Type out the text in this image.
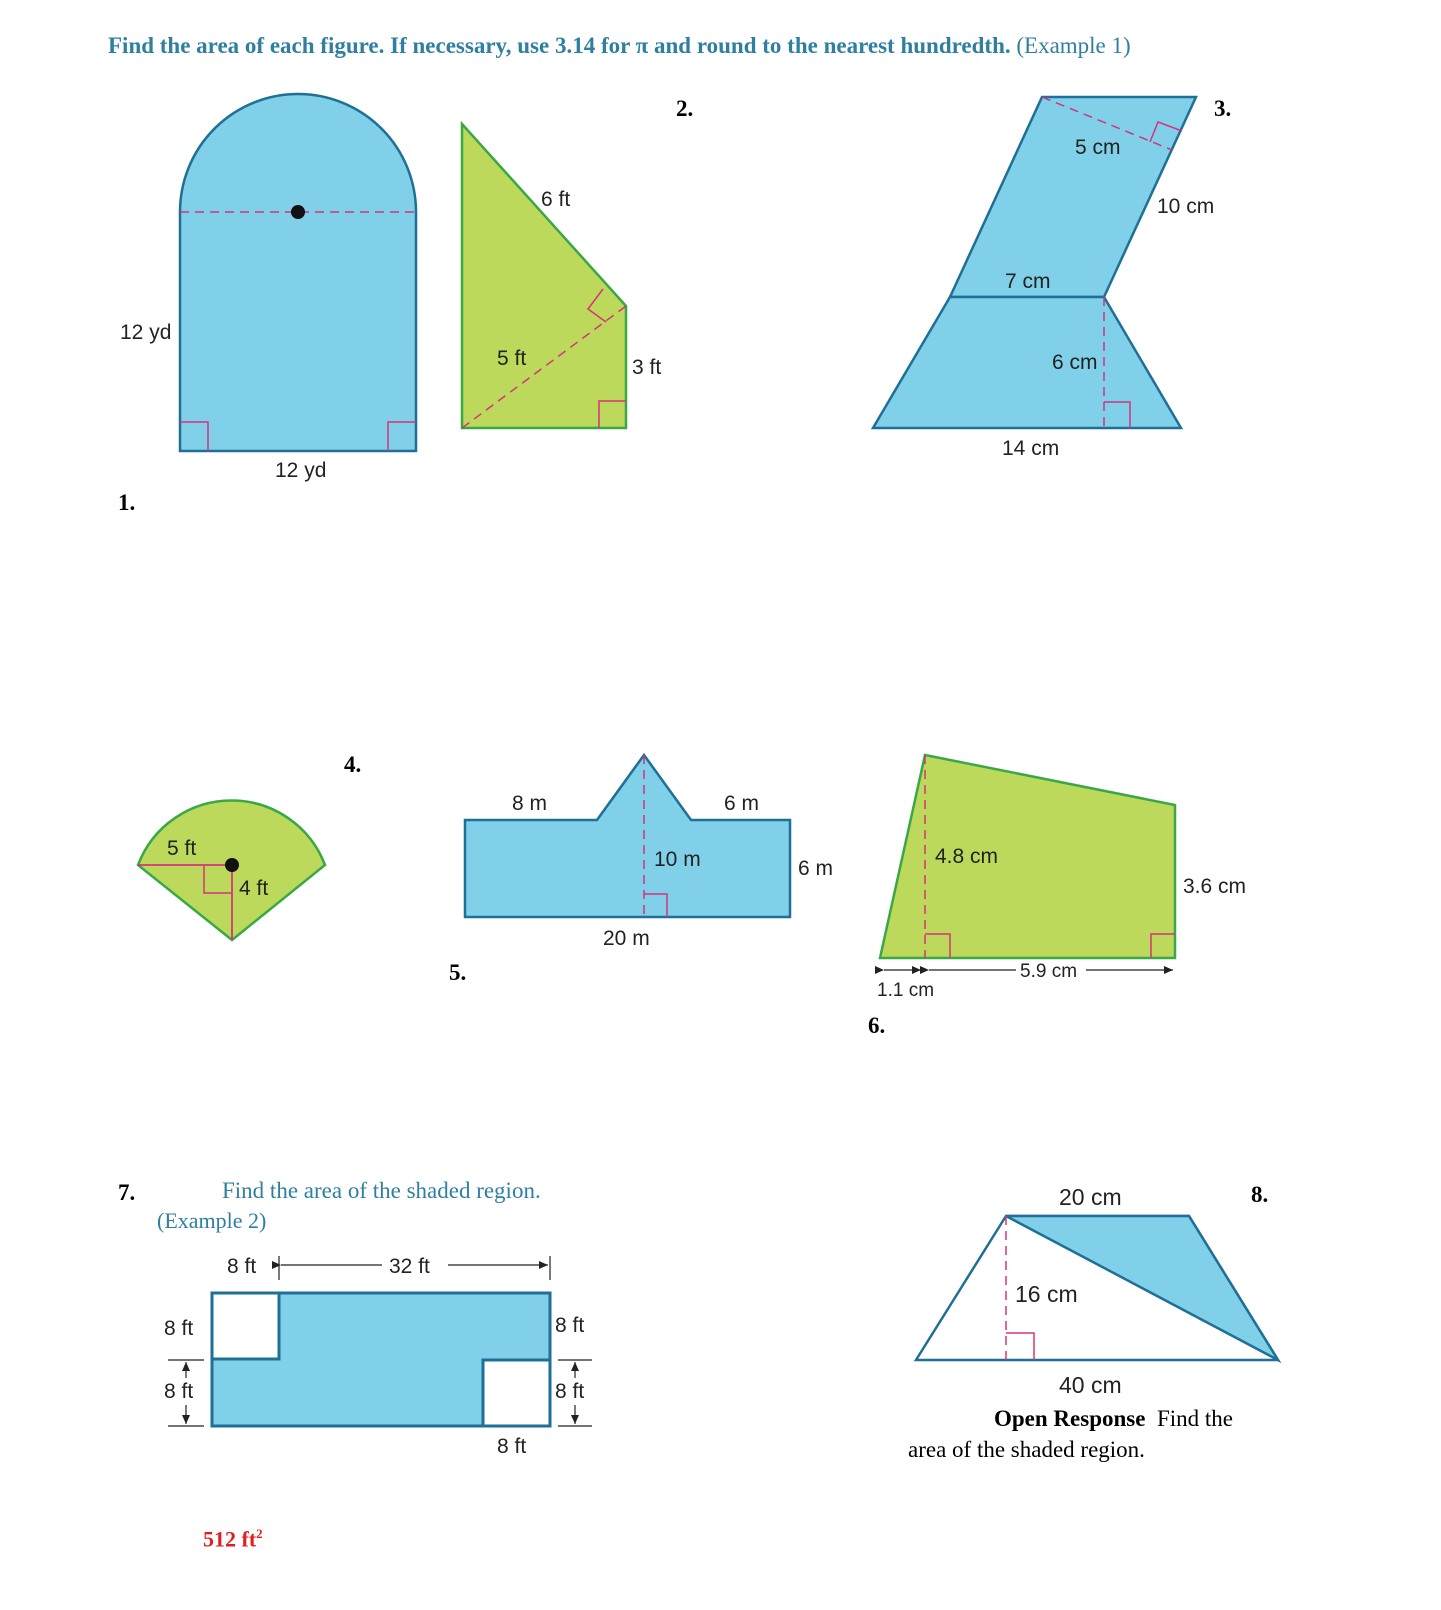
Find the area of each figure. If necessary, use 3.14 for π and round to the nearest hundredth. (Example 1)
1.
2.	3.
4.
5.
6.
7.	8.
Find the area of the shaded region.
(Example 2)
512 $ft^2$
Open Response Find the
area of the shaded region.
12 yd
12 yd
6 ft
5 ft	3 ft
5 cm
10 cm
7 cm
6 cm
14 cm
5 ft
4 ft
8 m	6 m
10 m	6 m
20 m
4.8 cm
3.6 cm
5.9 cm
1.1 cm
8 ft	32 ft
8 ft
8 ft
8 ft
8 ft
8 ft
20 cm
16 cm
40 cm
